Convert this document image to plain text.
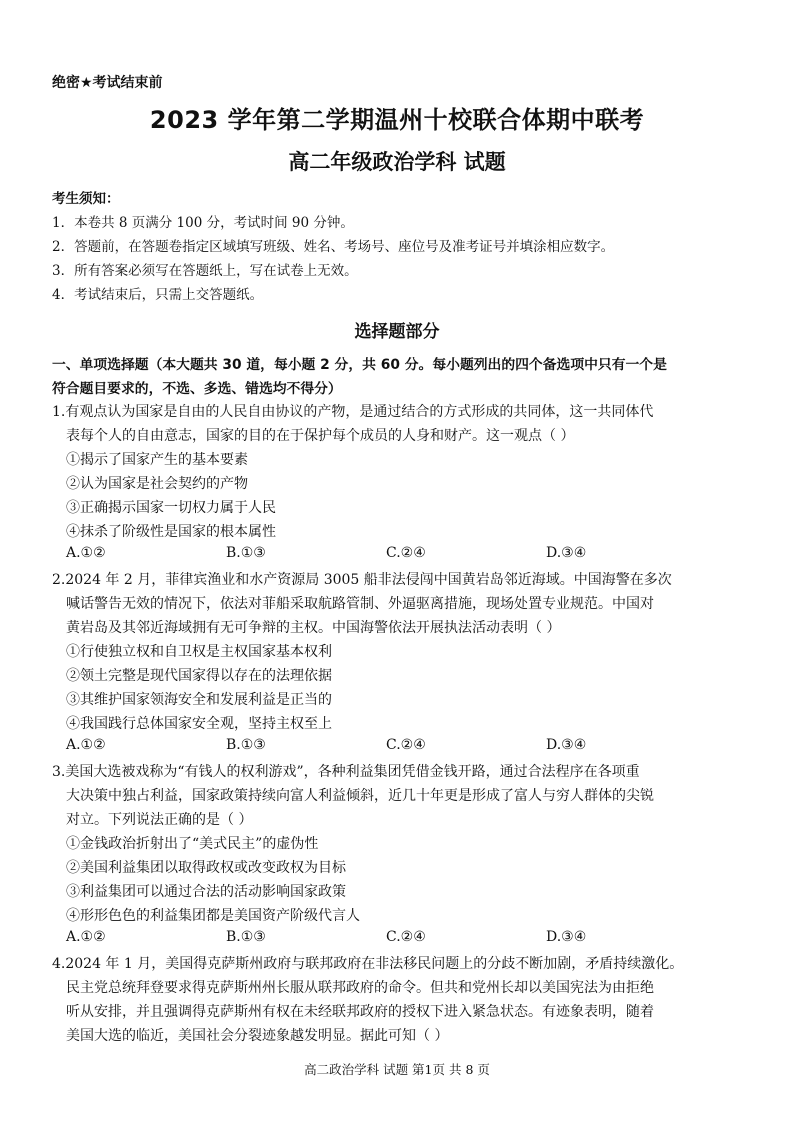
绝密★考试结束前
2023 学年第二学期温州十校联合体期中联考
高二年级政治学科 试题
考生须知：
1．本卷共 8 页满分 100 分，考试时间 90 分钟。
2．答题前，在答题卷指定区域填写班级、姓名、考场号、座位号及准考证号并填涂相应数字。
3．所有答案必须写在答题纸上，写在试卷上无效。
4．考试结束后，只需上交答题纸。
选择题部分
一、单项选择题（本大题共 30 道，每小题 2 分，共 60 分。每小题列出的四个备选项中只有一个是
符合题目要求的，不选、多选、错选均不得分）
1.有观点认为国家是自由的人民自由协议的产物，是通过结合的方式形成的共同体，这一共同体代
表每个人的自由意志，国家的目的在于保护每个成员的人身和财产。这一观点（ ）
①揭示了国家产生的基本要素
②认为国家是社会契约的产物
③正确揭示国家一切权力属于人民
④抹杀了阶级性是国家的根本属性
A.①②	B.①③	C.②④	D.③④
2.2024 年 2 月，菲律宾渔业和水产资源局 3005 船非法侵闯中国黄岩岛邻近海域。中国海警在多次
喊话警告无效的情况下，依法对菲船采取航路管制、外逼驱离措施，现场处置专业规范。中国对
黄岩岛及其邻近海域拥有无可争辩的主权。中国海警依法开展执法活动表明（ ）
①行使独立权和自卫权是主权国家基本权利
②领土完整是现代国家得以存在的法理依据
③其维护国家领海安全和发展利益是正当的
④我国践行总体国家安全观，坚持主权至上
A.①②	B.①③	C.②④	D.③④
3.美国大选被戏称为“有钱人的权利游戏”，各种利益集团凭借金钱开路，通过合法程序在各项重
大决策中独占利益，国家政策持续向富人利益倾斜，近几十年更是形成了富人与穷人群体的尖锐
对立。下列说法正确的是（ ）
①金钱政治折射出了“美式民主”的虚伪性
②美国利益集团以取得政权或改变政权为目标
③利益集团可以通过合法的活动影响国家政策
④形形色色的利益集团都是美国资产阶级代言人
A.①②	B.①③	C.②④	D.③④
4.2024 年 1 月，美国得克萨斯州政府与联邦政府在非法移民问题上的分歧不断加剧，矛盾持续激化。
民主党总统拜登要求得克萨斯州州长服从联邦政府的命令。但共和党州长却以美国宪法为由拒绝
听从安排，并且强调得克萨斯州有权在未经联邦政府的授权下进入紧急状态。有迹象表明，随着
美国大选的临近，美国社会分裂迹象越发明显。据此可知（ ）
高二政治学科 试题 第1页 共 8 页
